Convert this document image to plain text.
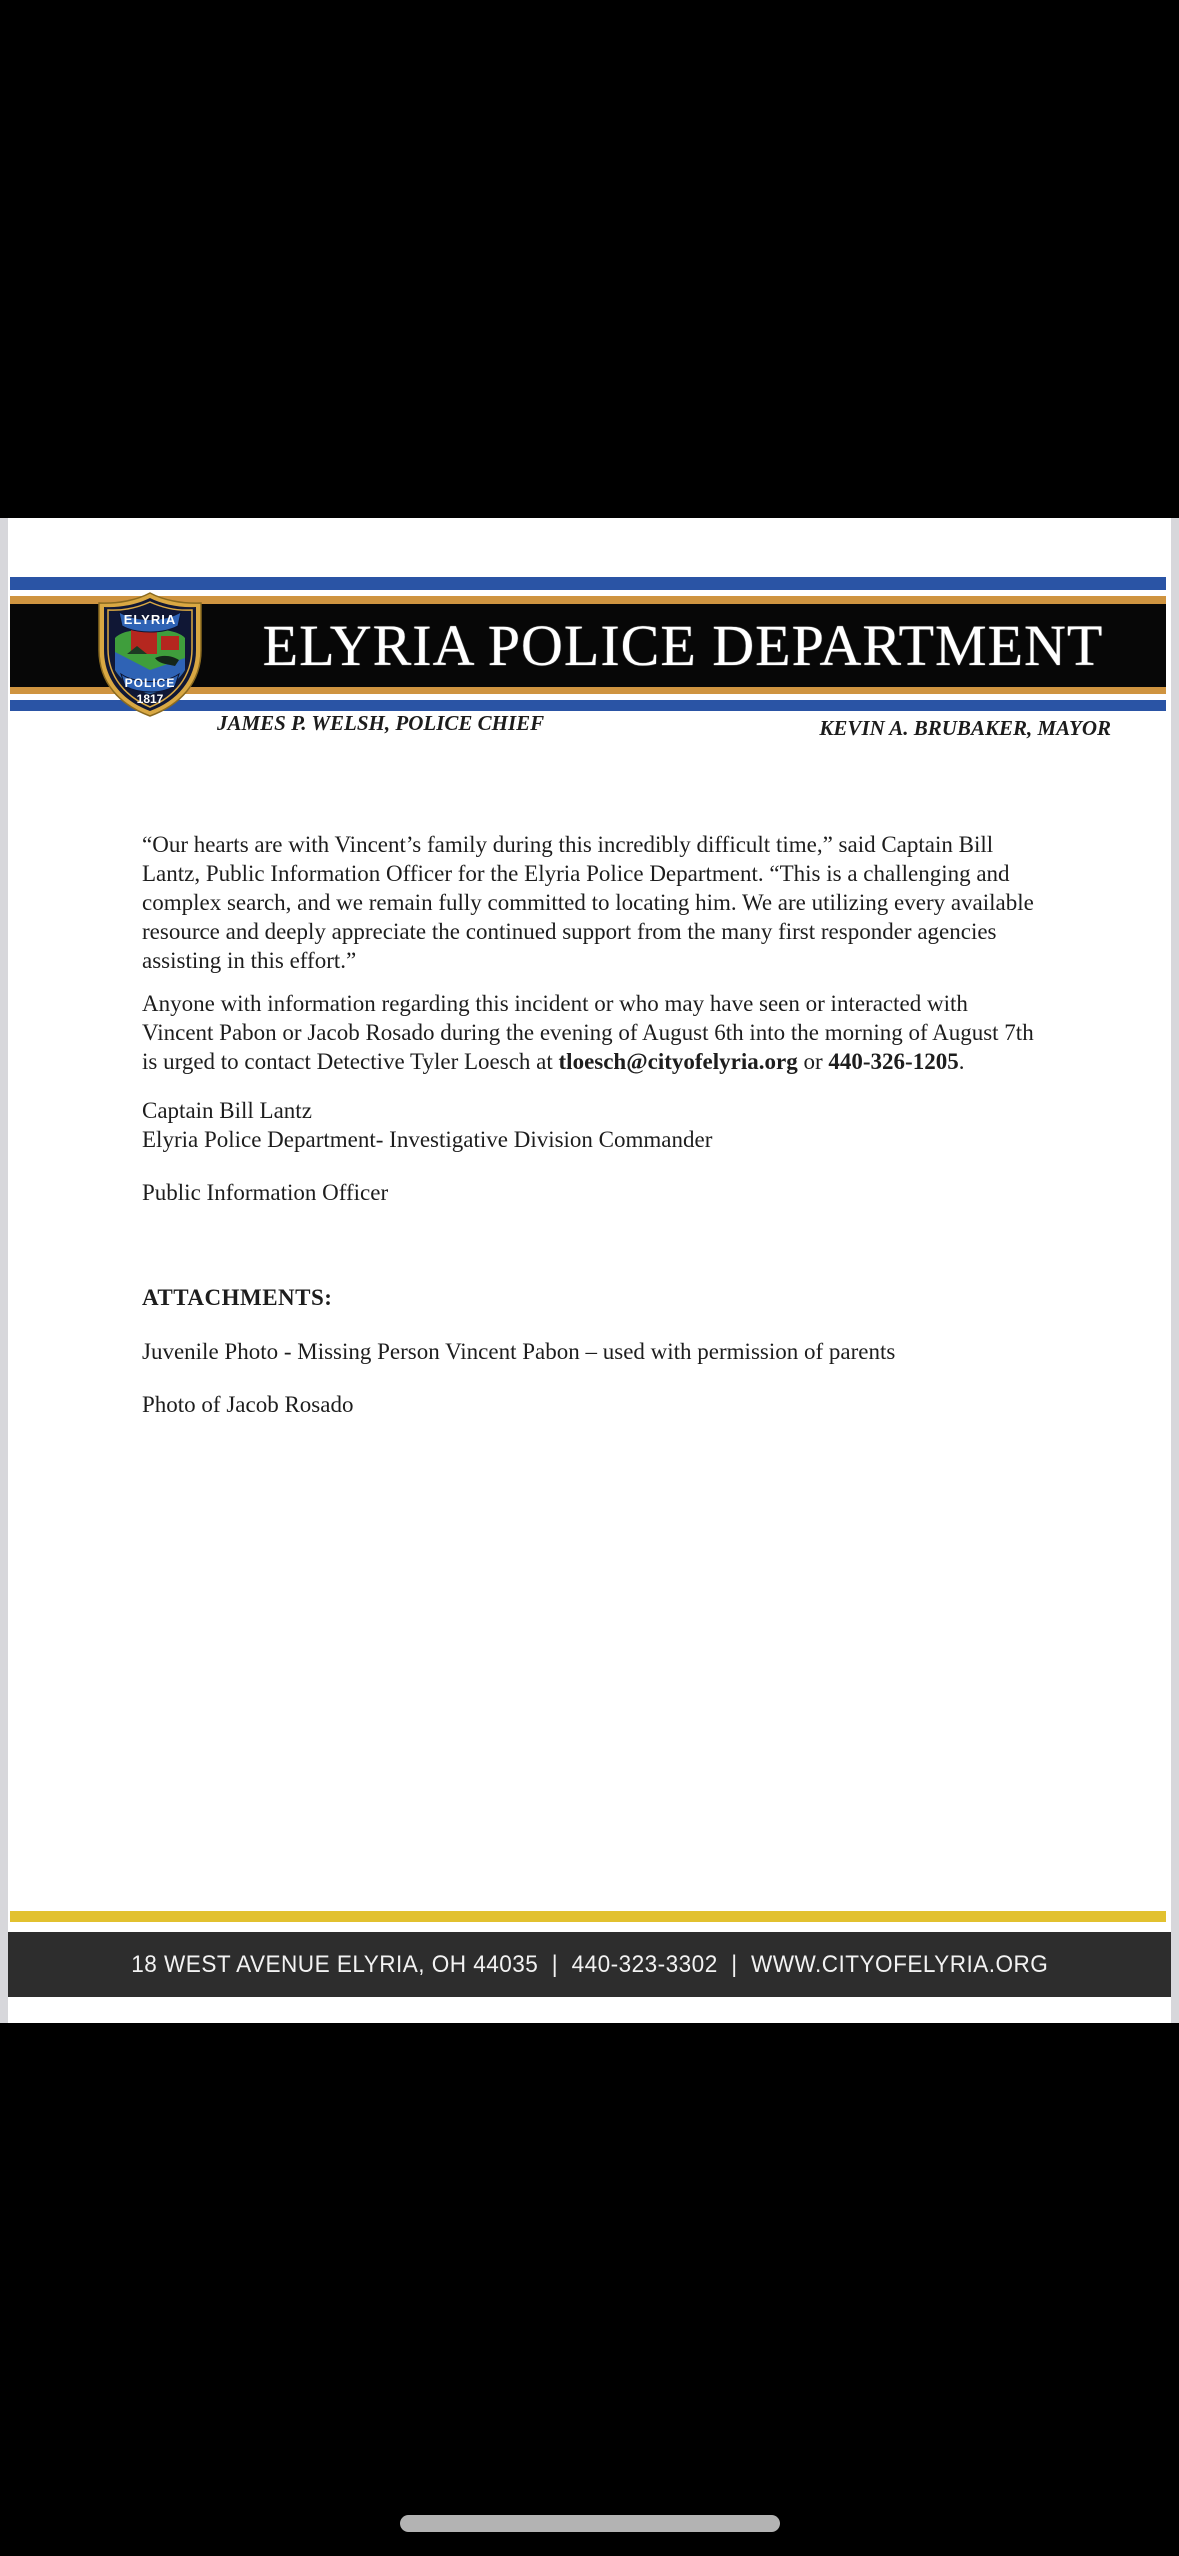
ELYRIA POLICE DEPARTMENT
ELYRIA
POLICE
1817
JAMES P. WELSH, POLICE CHIEF	KEVIN A. BRUBAKER, MAYOR
“Our hearts are with Vincent’s family during this incredibly difficult time,” said Captain Bill Lantz, Public Information Officer for the Elyria Police Department. “This is a challenging and complex search, and we remain fully committed to locating him. We are utilizing every available resource and deeply appreciate the continued support from the many first responder agencies assisting in this effort.”
Anyone with information regarding this incident or who may have seen or interacted with Vincent Pabon or Jacob Rosado during the evening of August 6th into the morning of August 7th is urged to contact Detective Tyler Loesch at tloesch@cityofelyria.org or 440-326-1205.
Captain Bill Lantz
Elyria Police Department- Investigative Division Commander
Public Information Officer
ATTACHMENTS:
Juvenile Photo - Missing Person Vincent Pabon – used with permission of parents
Photo of Jacob Rosado
18 WEST AVENUE ELYRIA, OH 44035  |  440-323-3302  |  WWW.CITYOFELYRIA.ORG
